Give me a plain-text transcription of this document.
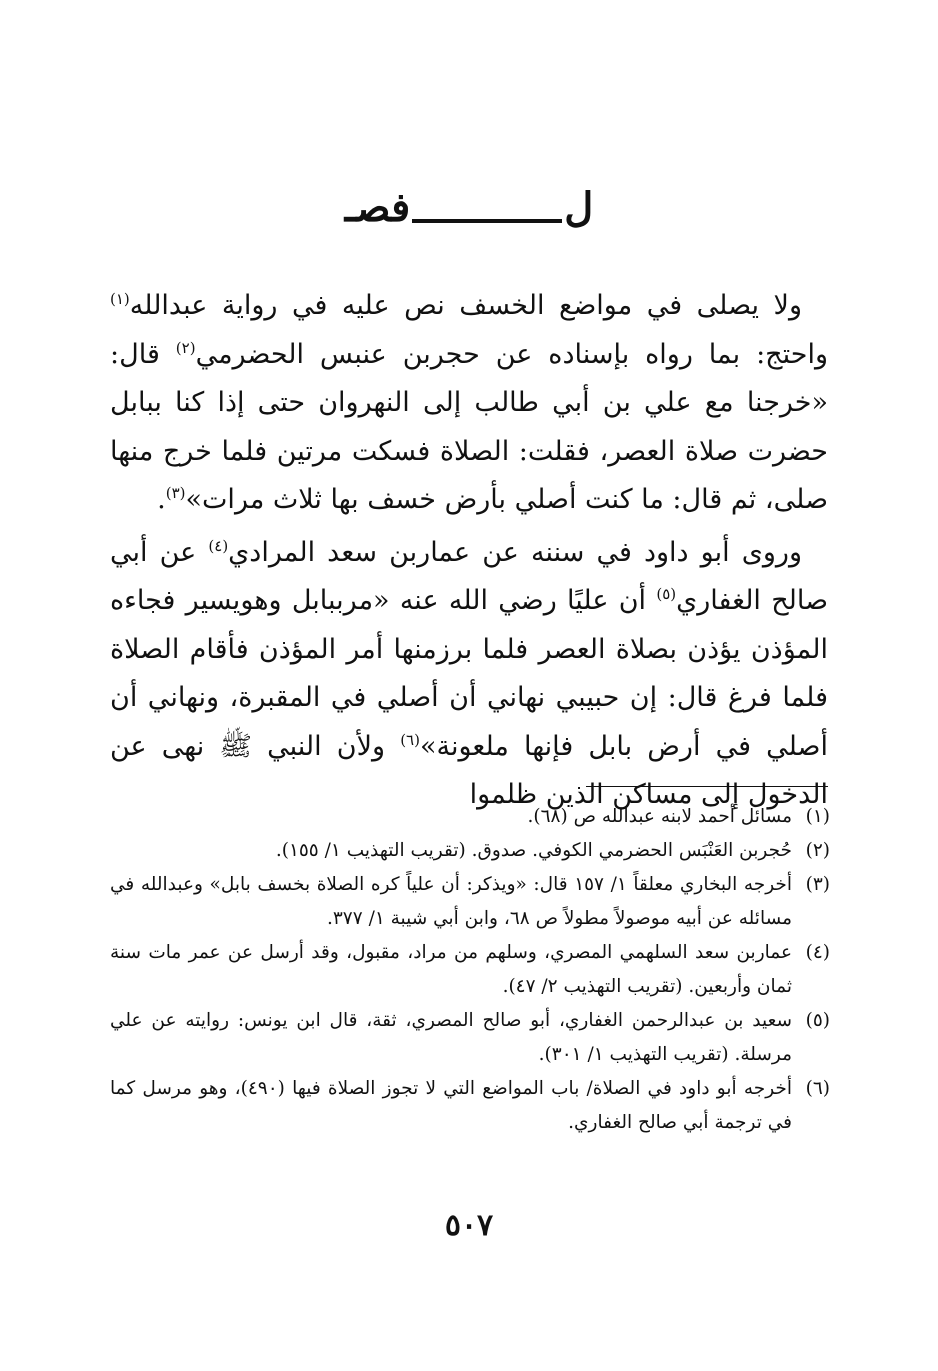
لفصـ

ولا يصلى في مواضع الخسف نص عليه في رواية عبدالله$^{(١)}$ واحتج: بما رواه بإسناده عن حجربن عنبس الحضرمي$^{(٢)}$ قال: «خرجنا مع علي بن أبي طالب إلى النهروان حتى إذا كنا ببابل حضرت صلاة العصر، فقلت: الصلاة فسكت مرتين فلما خرج منها صلى، ثم قال: ما كنت أصلي بأرض خسف بها ثلاث مرات»$^{(٣)}$.

وروى أبو داود في سننه عن عماربن سعد المرادي$^{(٤)}$ عن أبي صالح الغفاري$^{(٥)}$ أن عليًا رضي الله عنه «مرببابل وهويسير فجاءه المؤذن يؤذن بصلاة العصر فلما برزمنها أمر المؤذن فأقام الصلاة فلما فرغ قال: إن حبيبي نهاني أن أصلي في المقبرة، ونهاني أن أصلي في أرض بابل فإنها ملعونة»$^{(٦)}$ ولأن النبي ﷺ نهى عن الدخول إلى مساكن الذين ظلموا

(١)
مسائل أحمد لابنه عبدالله ص (٦٨).
(٢)
حُجربن العَنْبَس الحضرمي الكوفي. صدوق. (تقريب التهذيب ١/ ١٥٥).
(٣)
أخرجه البخاري معلقاً ١/ ١٥٧ قال: «ويذكر: أن علياً كره الصلاة بخسف بابل» وعبدالله في مسائله عن أبيه موصولاً مطولاً ص ٦٨، وابن أبي شيبة ١/ ٣٧٧.
(٤)
عماربن سعد السلهمي المصري، وسلهم من مراد، مقبول، وقد أرسل عن عمر مات سنة ثمان وأربعين. (تقريب التهذيب ٢/ ٤٧).
(٥)
سعيد بن عبدالرحمن الغفاري، أبو صالح المصري، ثقة، قال ابن يونس: روايته عن علي مرسلة. (تقريب التهذيب ١/ ٣٠١).
(٦)
أخرجه أبو داود في الصلاة/ باب المواضع التي لا تجوز الصلاة فيها (٤٩٠)، وهو مرسل كما في ترجمة أبي صالح الغفاري.
٥٠٧
